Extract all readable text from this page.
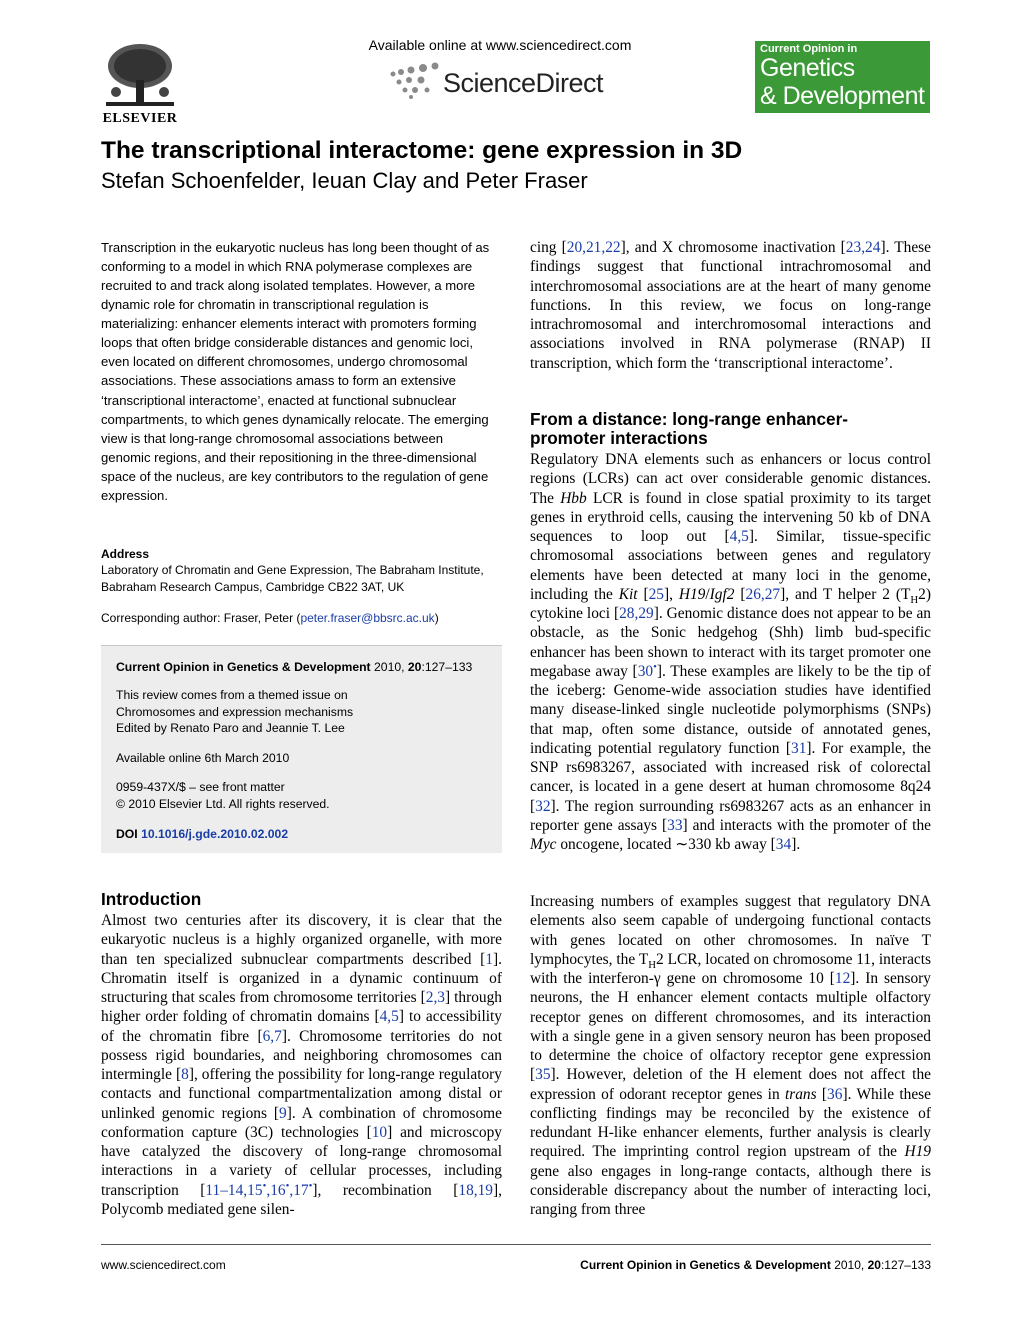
ELSEVIER
Available online at www.sciencedirect.com
ScienceDirect
Current Opinion in
Genetics
& Development
The transcriptional interactome: gene expression in 3D
Stefan Schoenfelder, Ieuan Clay and Peter Fraser
Transcription in the eukaryotic nucleus has long been thought of as conforming to a model in which RNA polymerase complexes are recruited to and track along isolated templates. However, a more dynamic role for chromatin in transcriptional regulation is materializing: enhancer elements interact with promoters forming loops that often bridge considerable distances and genomic loci, even located on different chromosomes, undergo chromosomal associations. These associations amass to form an extensive ‘transcriptional interactome’, enacted at functional subnuclear compartments, to which genes dynamically relocate. The emerging view is that long-range chromosomal associations between genomic regions, and their repositioning in the three-dimensional space of the nucleus, are key contributors to the regulation of gene expression.
Address
Laboratory of Chromatin and Gene Expression, The Babraham Institute,
Babraham Research Campus, Cambridge CB22 3AT, UK
Corresponding author: Fraser, Peter (peter.fraser@bbsrc.ac.uk)
Current Opinion in Genetics & Development 2010, 20:127–133
This review comes from a themed issue on
Chromosomes and expression mechanisms
Edited by Renato Paro and Jeannie T. Lee
Available online 6th March 2010
0959-437X/$ – see front matter
© 2010 Elsevier Ltd. All rights reserved.
DOI 10.1016/j.gde.2010.02.002
Introduction
Almost two centuries after its discovery, it is clear that the eukaryotic nucleus is a highly organized organelle, with more than ten specialized subnuclear compartments described [1]. Chromatin itself is organized in a dynamic continuum of structuring that scales from chromosome territories [2,3] through higher order folding of chromatin domains [4,5] to accessibility of the chromatin fibre [6,7]. Chromosome territories do not possess rigid boundaries, and neighboring chromosomes can intermingle [8], offering the possibility for long-range regulatory contacts and functional compartmentalization among distal or unlinked genomic regions [9]. A combination of chromosome conformation capture (3C) technologies [10] and microscopy have catalyzed the discovery of long-range chromosomal interactions in a variety of cellular processes, including transcription [11–14,15•,16•,17•], recombination [18,19], Polycomb mediated gene silen-
cing [20,21,22], and X chromosome inactivation [23,24]. These findings suggest that functional intrachromosomal and interchromosomal associations are at the heart of many genome functions. In this review, we focus on long-range intrachromosomal and interchromosomal interactions and associations involved in RNA polymerase (RNAP) II transcription, which form the ‘transcriptional interactome’.
From a distance: long-range enhancer-
promoter interactions
Regulatory DNA elements such as enhancers or locus control regions (LCRs) can act over considerable genomic distances. The Hbb LCR is found in close spatial proximity to its target genes in erythroid cells, causing the intervening 50 kb of DNA sequences to loop out [4,5]. Similar, tissue-specific chromosomal associations between genes and regulatory elements have been detected at many loci in the genome, including the Kit [25], H19/Igf2 [26,27], and T helper 2 $(T_H2)$ cytokine loci [28,29]. Genomic distance does not appear to be an obstacle, as the Sonic hedgehog (Shh) limb bud-specific enhancer has been shown to interact with its target promoter one megabase away [30•]. These examples are likely to be the tip of the iceberg: Genome-wide association studies have identified many disease-linked single nucleotide polymorphisms (SNPs) that map, often some distance, outside of annotated genes, indicating potential regulatory function [31]. For example, the SNP rs6983267, associated with increased risk of colorectal cancer, is located in a gene desert at human chromosome 8q24 [32]. The region surrounding rs6983267 acts as an enhancer in reporter gene assays [33] and interacts with the promoter of the Myc oncogene, located ∼330 kb away [34].
Increasing numbers of examples suggest that regulatory DNA elements also seem capable of undergoing functional contacts with genes located on other chromosomes. In naïve T lymphocytes, the $T_H2$ LCR, located on chromosome 11, interacts with the interferon-γ gene on chromosome 10 [12]. In sensory neurons, the H enhancer element contacts multiple olfactory receptor genes on different chromosomes, and its interaction with a single gene in a given sensory neuron has been proposed to determine the choice of olfactory receptor gene expression [35]. However, deletion of the H element does not affect the expression of odorant receptor genes in trans [36]. While these conflicting findings may be reconciled by the existence of redundant H-like enhancer elements, further analysis is clearly required. The imprinting control region upstream of the H19 gene also engages in long-range contacts, although there is considerable discrepancy about the number of interacting loci, ranging from three
www.sciencedirect.com	Current Opinion in Genetics & Development 2010, 20:127–133
